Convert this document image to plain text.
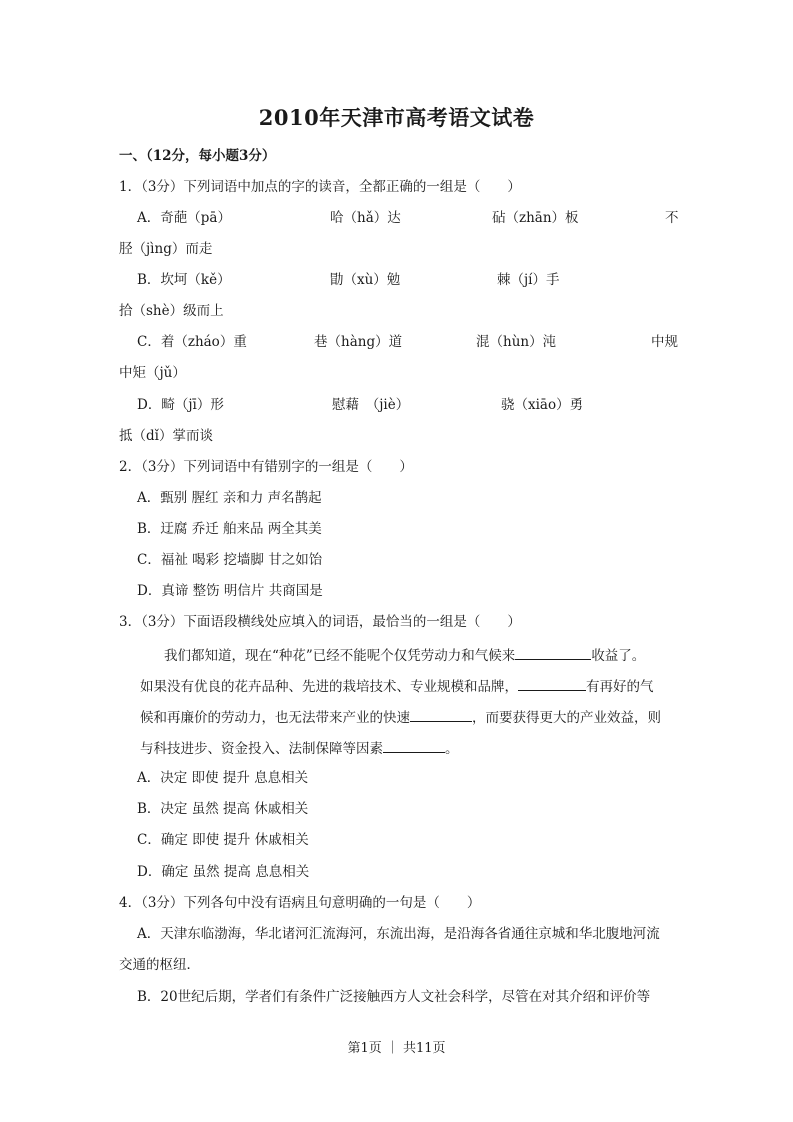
2010年天津市高考语文试卷
一、（12分，每小题3分）
1．（3分）下列词语中加点的字的读音，全都正确的一组是（　　）
A．奇葩（pā）	哈（hǎ）达	砧（zhān）板	不
胫（jìng）而走
B．坎坷（kě）	勖（xù）勉	棘（jí）手
拾（shè）级而上
C．着（zháo）重	巷（hàng）道	混（hùn）沌	中规
中矩（jǔ）
D．畸（jī）形	慰藉　（jiè）	骁（xiāo）勇
抵（dǐ）掌而谈
2．（3分）下列词语中有错别字的一组是（　　）
A．甄别 腥红 亲和力 声名鹊起
B．迂腐 乔迁 舶来品 两全其美
C．福祉 喝彩 挖墙脚 甘之如饴
D．真谛 整饬 明信片 共商国是
3．（3分）下面语段横线处应填入的词语，最恰当的一组是（　　）
我们都知道，现在“种花”已经不能呢个仅凭劳动力和气候来	收益了。
如果没有优良的花卉品种、先进的栽培技术、专业规模和品牌，	有再好的气
候和再廉价的劳动力，也无法带来产业的快速	，而要获得更大的产业效益，则
与科技进步、资金投入、法制保障等因素	。
A．决定 即使 提升 息息相关
B．决定 虽然 提高 休戚相关
C．确定 即使 提升 休戚相关
D．确定 虽然 提高 息息相关
4．（3分）下列各句中没有语病且句意明确的一句是（　　）
A．天津东临渤海，华北诸河汇流海河，东流出海，是沿海各省通往京城和华北腹地河流
交通的枢纽．
B．20世纪后期，学者们有条件广泛接触西方人文社会科学，尽管在对其介绍和评价等
第1页 ｜ 共11页
